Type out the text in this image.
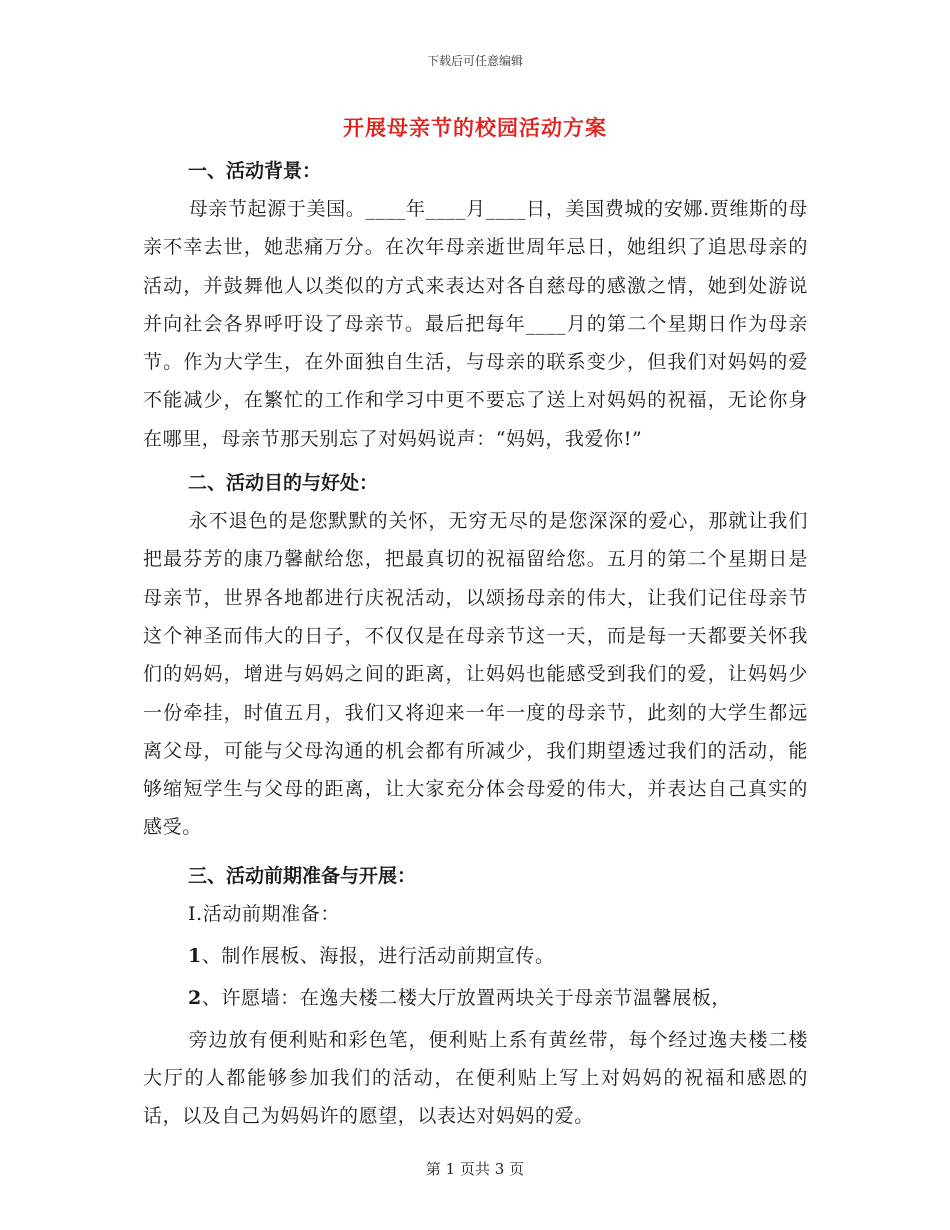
下载后可任意编辑
开展母亲节的校园活动方案
一、活动背景：

母亲节起源于美国。____年____月____日，美国费城的安娜.贾维斯的母亲不幸去世，她悲痛万分。在次年母亲逝世周年忌日，她组织了追思母亲的活动，并鼓舞他人以类似的方式来表达对各自慈母的感激之情，她到处游说并向社会各界呼吁设了母亲节。最后把每年____月的第二个星期日作为母亲节。作为大学生，在外面独自生活，与母亲的联系变少，但我们对妈妈的爱不能减少，在繁忙的工作和学习中更不要忘了送上对妈妈的祝福，无论你身在哪里，母亲节那天别忘了对妈妈说声：“妈妈，我爱你!”

二、活动目的与好处：

永不退色的是您默默的关怀，无穷无尽的是您深深的爱心，那就让我们把最芬芳的康乃馨献给您，把最真切的祝福留给您。五月的第二个星期日是母亲节，世界各地都进行庆祝活动，以颂扬母亲的伟大，让我们记住母亲节这个神圣而伟大的日子，不仅仅是在母亲节这一天，而是每一天都要关怀我们的妈妈，增进与妈妈之间的距离，让妈妈也能感受到我们的爱，让妈妈少一份牵挂，时值五月，我们又将迎来一年一度的母亲节，此刻的大学生都远离父母，可能与父母沟通的机会都有所减少，我们期望透过我们的活动，能够缩短学生与父母的距离，让大家充分体会母爱的伟大，并表达自己真实的感受。

三、活动前期准备与开展：
I.活动前期准备：
1、制作展板、海报，进行活动前期宣传。
2、许愿墙：在逸夫楼二楼大厅放置两块关于母亲节温馨展板，

旁边放有便利贴和彩色笔，便利贴上系有黄丝带，每个经过逸夫楼二楼大厅的人都能够参加我们的活动，在便利贴上写上对妈妈的祝福和感恩的话，以及自己为妈妈许的愿望，以表达对妈妈的爱。

第 1 页共 3 页
